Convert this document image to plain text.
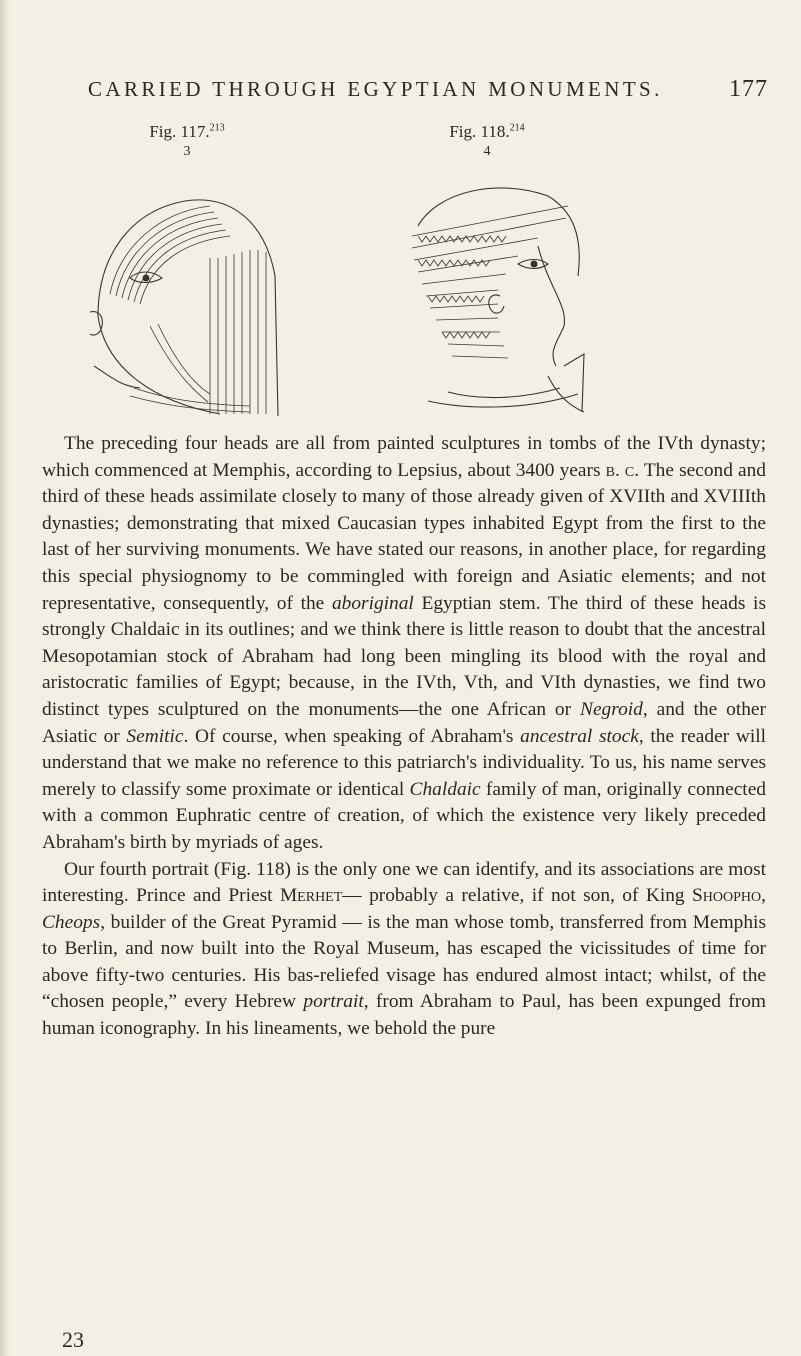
CARRIED THROUGH EGYPTIAN MONUMENTS.	177
Fig. 117.$^{213}$
3
Fig. 118.$^{214}$
4

The preceding four heads are all from painted sculptures in tombs of the IVth dynasty; which commenced at Memphis, according to Lepsius, about 3400 years b. c. The second and third of these heads assimilate closely to many of those already given of XVIIth and XVIIIth dynasties; demonstrating that mixed Caucasian types inhabited Egypt from the first to the last of her surviving monuments. We have stated our reasons, in another place, for regarding this special physiognomy to be commingled with foreign and Asiatic elements; and not representative, consequently, of the aboriginal Egyptian stem. The third of these heads is strongly Chaldaic in its outlines; and we think there is little reason to doubt that the ancestral Mesopotamian stock of Abraham had long been mingling its blood with the royal and aristocratic families of Egypt; because, in the IVth, Vth, and VIth dynasties, we find two distinct types sculptured on the monuments—the one African or Negroid, and the other Asiatic or Semitic. Of course, when speaking of Abraham's ancestral stock, the reader will understand that we make no reference to this patriarch's individuality. To us, his name serves merely to classify some proximate or identical Chaldaic family of man, originally connected with a common Euphratic centre of creation, of which the existence very likely preceded Abraham's birth by myriads of ages.

Our fourth portrait (Fig. 118) is the only one we can identify, and its associations are most interesting. Prince and Priest Merhet— probably a relative, if not son, of King Shoopho, Cheops, builder of the Great Pyramid — is the man whose tomb, transferred from Memphis to Berlin, and now built into the Royal Museum, has escaped the vicissitudes of time for above fifty-two centuries. His bas-reliefed visage has endured almost intact; whilst, of the “chosen people,” every Hebrew portrait, from Abraham to Paul, has been expunged from human iconography. In his lineaments, we behold the pure

23
